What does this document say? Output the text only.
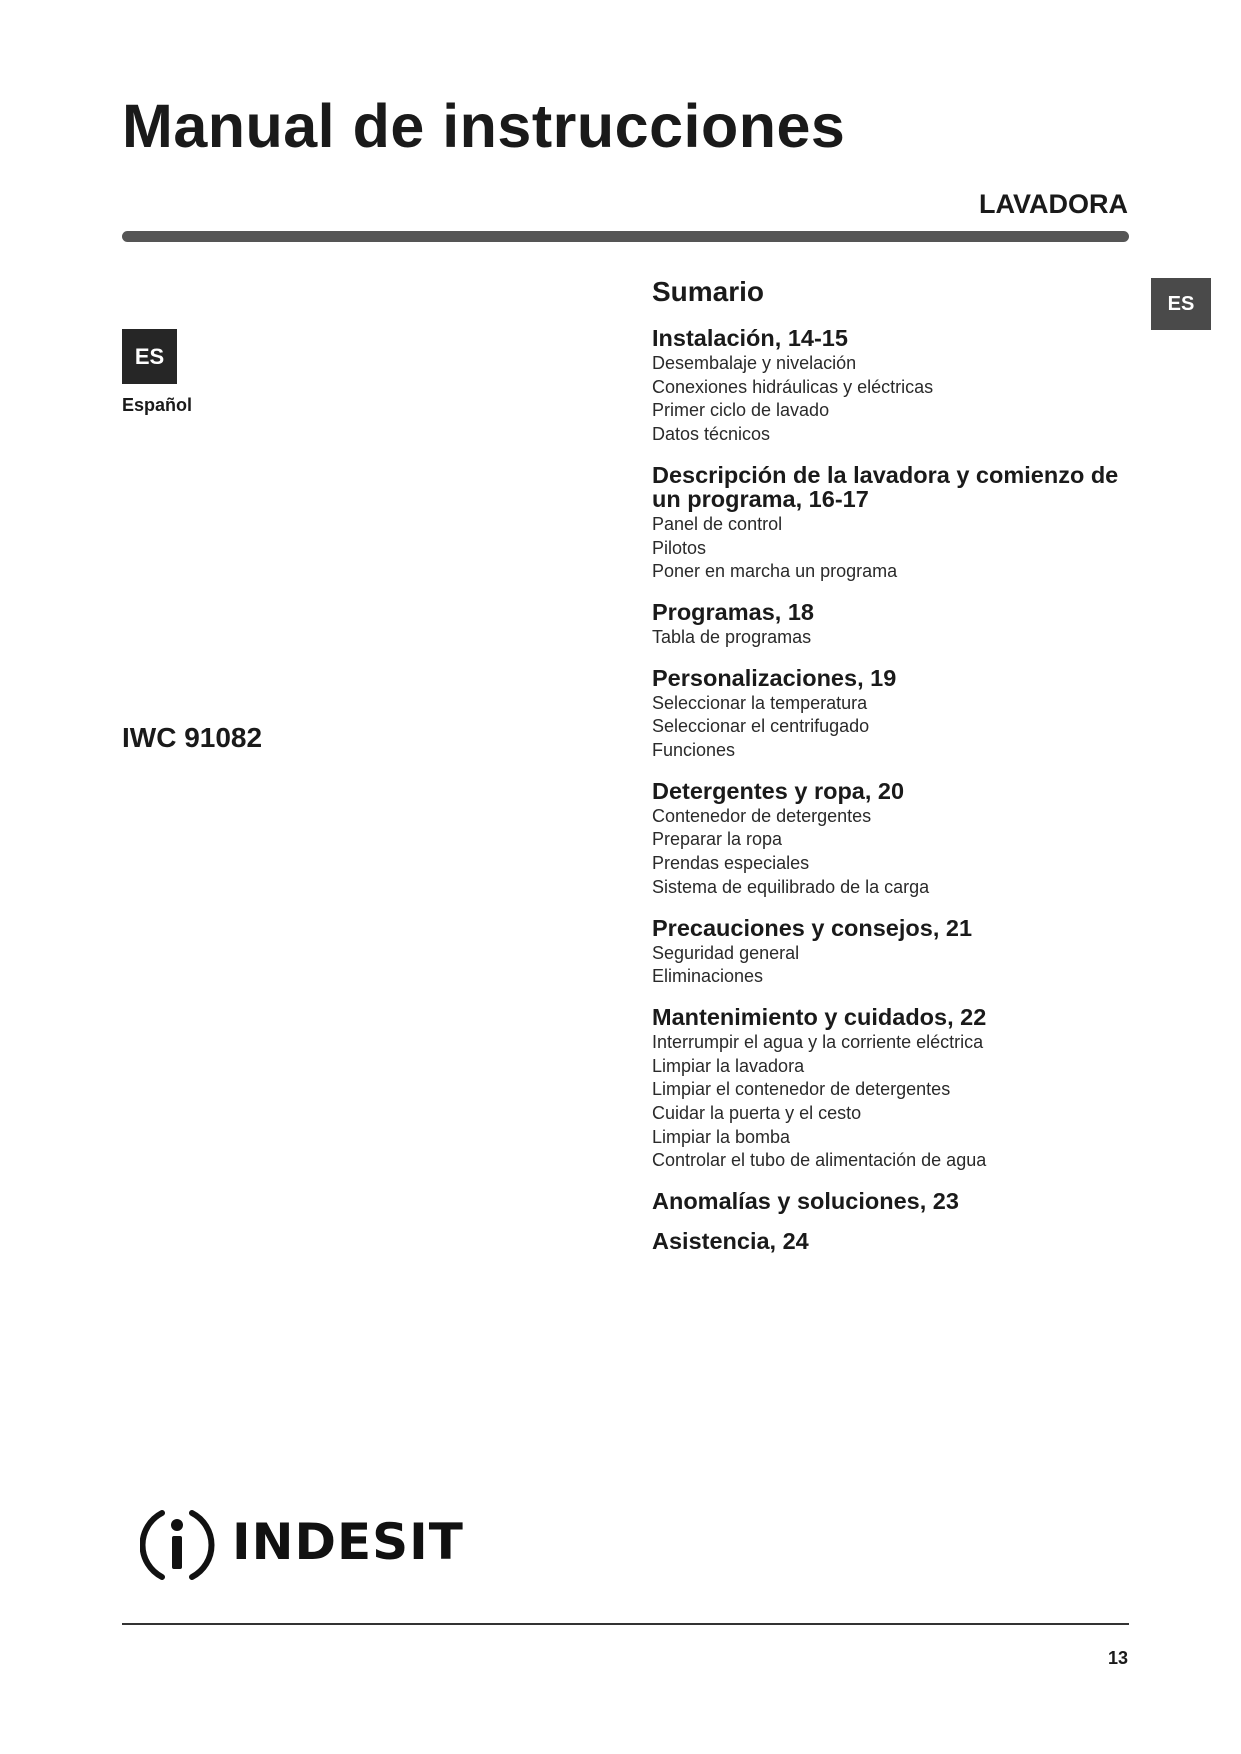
Manual de instrucciones
LAVADORA
ES
ES
Español
IWC 91082
Sumario
Instalación, 14-15
Desembalaje y nivelación
Conexiones hidráulicas y eléctricas
Primer ciclo de lavado
Datos técnicos
Descripción de la lavadora y comienzo de un programa, 16-17
Panel de control
Pilotos
Poner en marcha un programa
Programas, 18
Tabla de programas
Personalizaciones, 19
Seleccionar la temperatura
Seleccionar el centrifugado
Funciones
Detergentes y ropa, 20
Contenedor de detergentes
Preparar la ropa
Prendas especiales
Sistema de equilibrado de la carga
Precauciones y consejos, 21
Seguridad general
Eliminaciones
Mantenimiento y cuidados, 22
Interrumpir el agua y la corriente eléctrica
Limpiar la lavadora
Limpiar el contenedor de detergentes
Cuidar la puerta y el cesto
Limpiar la bomba
Controlar el tubo de alimentación de agua
Anomalías y soluciones, 23
Asistencia, 24
INDESIT
13
